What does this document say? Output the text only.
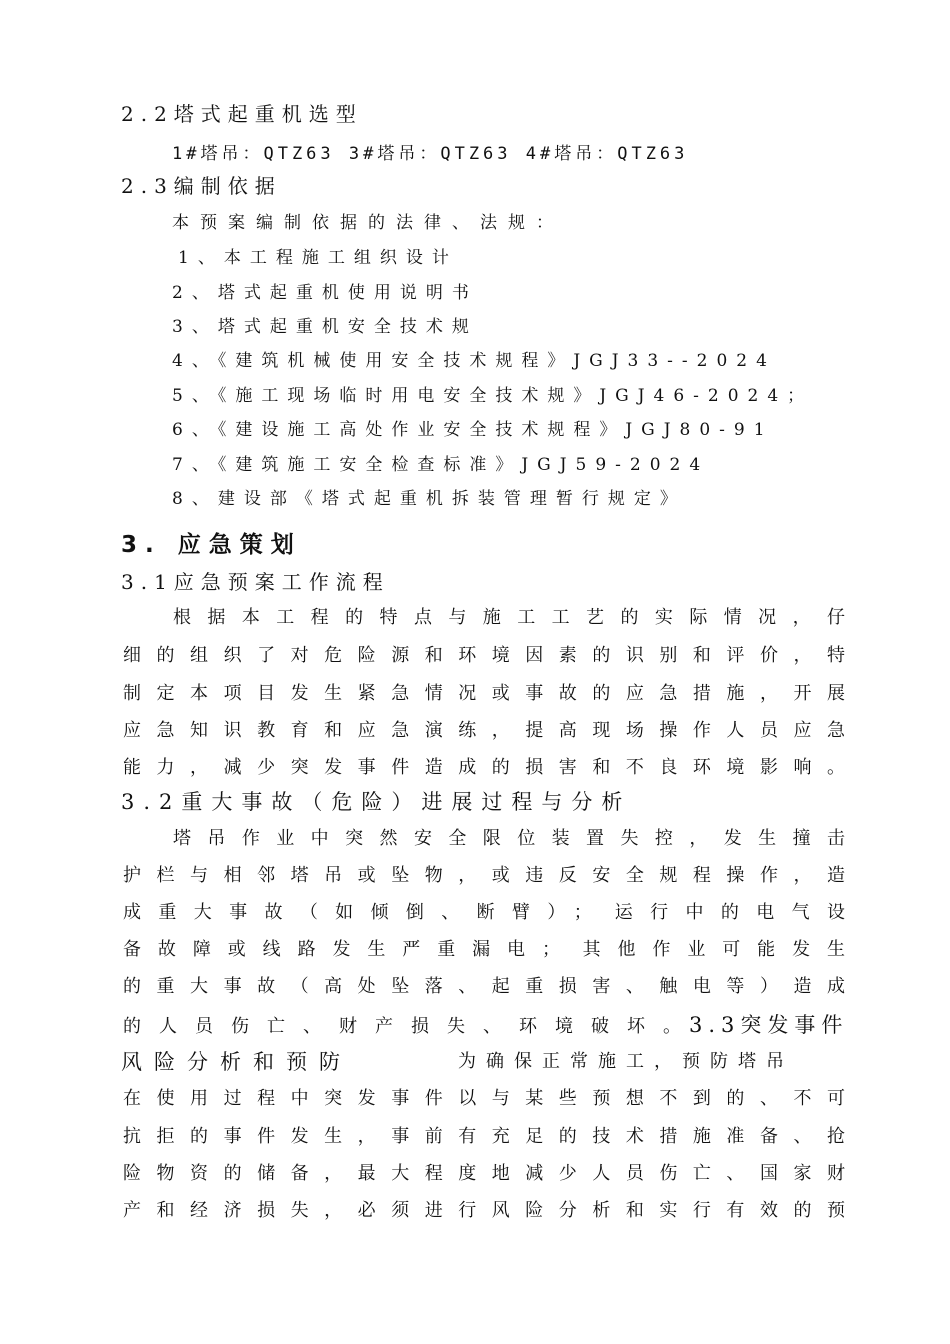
2.2塔式起重机选型

1#塔吊：QTZ63 3#塔吊：QTZ63 4#塔吊：QTZ63

2.3编制依据

本预案编制依据的法律、法规：

1、本工程施工组织设计

2、塔式起重机使用说明书

3、塔式起重机安全技术规

4、《建筑机械使用安全技术规程》JGJ33--2024

5、《施工现场临时用电安全技术规》JGJ46-2024；

6、《建设施工高处作业安全技术规程》JGJ80-91

7、《建筑施工安全检查标准》JGJ59-2024

8、建设部《塔式起重机拆装管理暂行规定》

3. 应急策划

3.1应急预案工作流程

根据本工程的特点与施工工艺的实际情况，仔

细的组织了对危险源和环境因素的识别和评价，特

制定本项目发生紧急情况或事故的应急措施，开展

应急知识教育和应急演练，提高现场操作人员应急

能力，减少突发事件造成的损害和不良环境影响。

3.2重大事故（危险）进展过程与分析

塔吊作业中突然安全限位装置失控，发生撞击

护栏与相邻塔吊或坠物，或违反安全规程操作，造

成重大事故（如倾倒、断臂）； 运行中的电气设

备故障或线路发生严重漏电； 其他作业可能发生

的重大事故（高处坠落、起重损害、触电等）造成

的人员伤亡、财产损失、环境破坏。

3.3突发事件

风险分析和预防	为确保正常施工，预防塔吊

在使用过程中突发事件以与某些预想不到的、不可

抗拒的事件发生，事前有充足的技术措施准备、抢

险物资的储备，最大程度地减少人员伤亡、国家财

产和经济损失，必须进行风险分析和实行有效的预
